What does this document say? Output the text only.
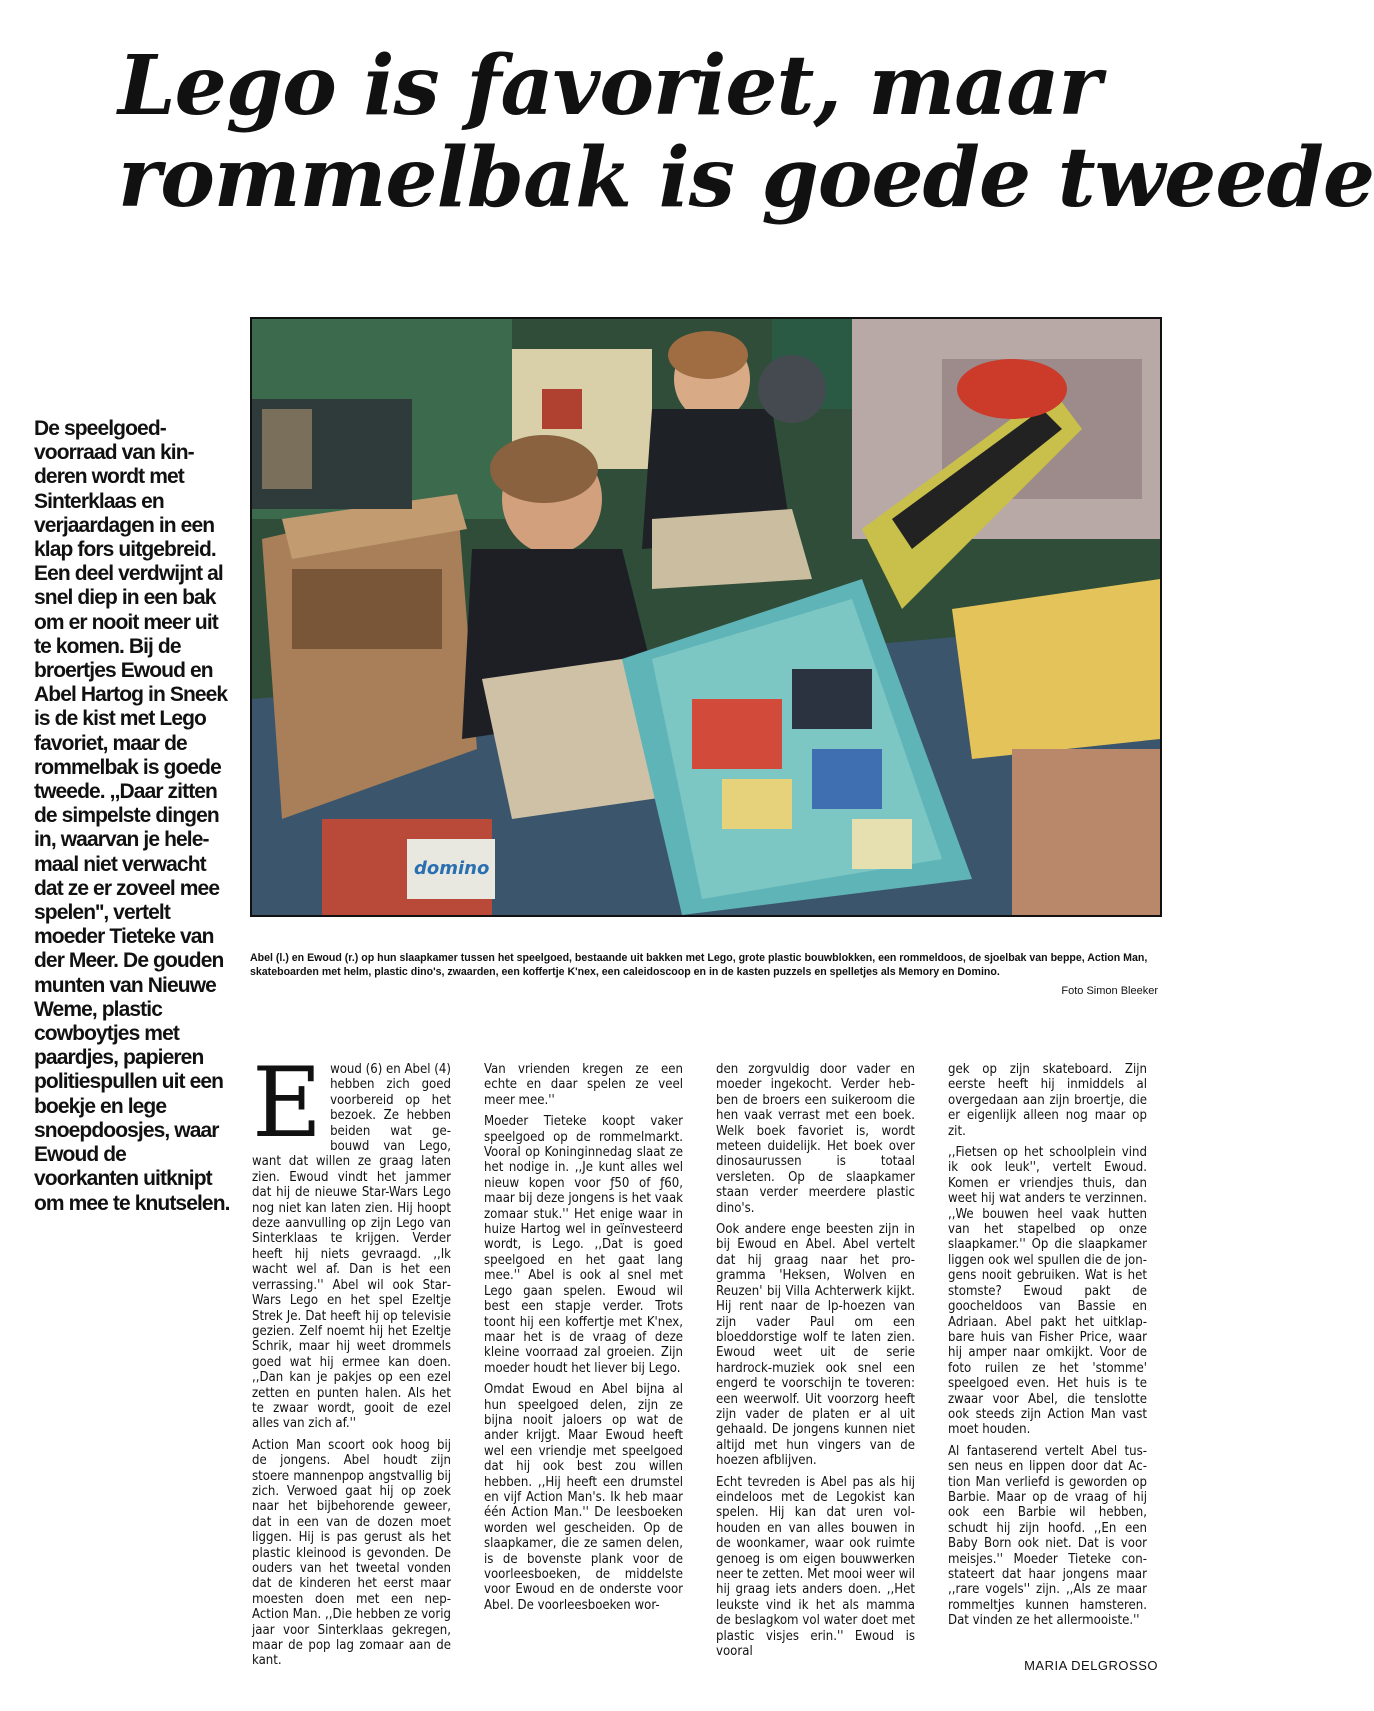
Lego is favoriet, maar
rommelbak is goede tweede

De speelgoedvoorraad van kinderen wordt met Sinterklaas en verjaardagen in een klap fors uitgebreid. Een deel verdwijnt al snel diep in een bak om er nooit meer uit te komen. Bij de broertjes Ewoud en Abel Hartog in Sneek is de kist met Lego favoriet, maar de rommelbak is goede tweede. ,,Daar zitten de simpelste dingen in, waarvan je helemaal niet verwacht dat ze er zoveel mee spelen'', vertelt moeder Tieteke van der Meer. De gouden munten van Nieuwe Weme, plastic cowboytjes met paardjes, papieren politiespullen uit een boekje en lege snoepdoosjes, waar Ewoud de voorkanten uitknipt om mee te knutselen.

domino

Abel (l.) en Ewoud (r.) op hun slaapkamer tussen het speelgoed, bestaande uit bakken met Lego, grote plastic bouwblokken, een rommeldoos, de sjoelbak van beppe, Action Man, skateboarden met helm, plastic dino's, zwaarden, een koffertje K'nex, een caleidoscoop en in de kasten puzzels en spelletjes als Memory en Domino.

Foto Simon Bleeker

Ewoud (6) en Abel (4) hebben zich goed voorbereid op het bezoek. Ze hebben beiden wat gebouwd van Lego, want dat willen ze graag laten zien. Ewoud vindt het jammer dat hij de nieuwe Star-Wars Lego nog niet kan laten zien. Hij hoopt deze aanvulling op zijn Lego van Sinterklaas te krijgen. Verder heeft hij niets gevraagd. ,,Ik wacht wel af. Dan is het een verrassing.'' Abel wil ook StarWars Lego en het spel Ezeltje Strek Je. Dat heeft hij op televisie gezien. Zelf noemt hij het Ezeltje Schrik, maar hij weet drommels goed wat hij ermee kan doen. ,,Dan kan je pakjes op een ezel zetten en punten halen. Als het te zwaar wordt, gooit de ezel alles van zich af.''

Action Man scoort ook hoog bij de jongens. Abel houdt zijn stoere mannenpop angstvallig bij zich. Verwoed gaat hij op zoek naar het bijbehorende geweer, dat in een van de dozen moet liggen. Hij is pas gerust als het plastic kleinood is gevonden. De ouders van het tweetal vonden dat de kinderen het eerst maar moesten doen met een nep-Action Man. ,,Die hebben ze vorig jaar voor Sinterklaas gekregen, maar de pop lag zomaar aan de kant.

Van vrienden kregen ze een echte en daar spelen ze veel meer mee.''

Moeder Tieteke koopt vaker speelgoed op de rommelmarkt. Vooral op Koninginnedag slaat ze het nodige in. ,,Je kunt alles wel nieuw kopen voor ƒ50 of ƒ60, maar bij deze jongens is het vaak zomaar stuk.'' Het enige waar in huize Hartog wel in geïnvesteerd wordt, is Lego. ,,Dat is goed speelgoed en het gaat lang mee.'' Abel is ook al snel met Lego gaan spelen. Ewoud wil best een stapje verder. Trots toont hij een koffertje met K'nex, maar het is de vraag of deze kleine voorraad zal groeien. Zijn moeder houdt het liever bij Lego.

Omdat Ewoud en Abel bijna al hun speelgoed delen, zijn ze bijna nooit jaloers op wat de ander krijgt. Maar Ewoud heeft wel een vriendje met speelgoed dat hij ook best zou willen hebben. ,,Hij heeft een drumstel en vijf Action Man's. Ik heb maar één Action Man.'' De leesboeken worden wel gescheiden. Op de slaapkamer, die ze samen delen, is de bovenste plank voor de voorleesboeken, de middelste voor Ewoud en de onderste voor Abel. De voorleesboeken wor-

den zorgvuldig door vader en moeder ingekocht. Verder hebben de broers een suikeroom die hen vaak verrast met een boek. Welk boek favoriet is, wordt meteen duidelijk. Het boek over dinosaurussen is totaal versleten. Op de slaapkamer staan verder meerdere plastic dino's.

Ook andere enge beesten zijn in bij Ewoud en Abel. Abel vertelt dat hij graag naar het programma 'Heksen, Wolven en Reuzen' bij Villa Achterwerk kijkt. Hij rent naar de lp-hoezen van zijn vader Paul om een bloeddorstige wolf te laten zien. Ewoud weet uit de serie hardrock-muziek ook snel een engerd te voorschijn te toveren: een weerwolf. Uit voorzorg heeft zijn vader de platen er al uit gehaald. De jongens kunnen niet altijd met hun vingers van de hoezen afblijven.

Echt tevreden is Abel pas als hij eindeloos met de Legokist kan spelen. Hij kan dat uren volhouden en van alles bouwen in de woonkamer, waar ook ruimte genoeg is om eigen bouwwerken neer te zetten. Met mooi weer wil hij graag iets anders doen. ,,Het leukste vind ik het als mamma de beslagkom vol water doet met plastic visjes erin.'' Ewoud is vooral

gek op zijn skateboard. Zijn eerste heeft hij inmiddels al overgedaan aan zijn broertje, die er eigenlijk alleen nog maar op zit.

,,Fietsen op het schoolplein vind ik ook leuk'', vertelt Ewoud. Komen er vriendjes thuis, dan weet hij wat anders te verzinnen. ,,We bouwen heel vaak hutten van het stapelbed op onze slaapkamer.'' Op die slaapkamer liggen ook wel spullen die de jongens nooit gebruiken. Wat is het stomste? Ewoud pakt de goocheldoos van Bassie en Adriaan. Abel pakt het uitklapbare huis van Fisher Price, waar hij amper naar omkijkt. Voor de foto ruilen ze het 'stomme' speelgoed even. Het huis is te zwaar voor Abel, die tenslotte ook steeds zijn Action Man vast moet houden.

Al fantaserend vertelt Abel tussen neus en lippen door dat Action Man verliefd is geworden op Barbie. Maar op de vraag of hij ook een Barbie wil hebben, schudt hij zijn hoofd. ,,En een Baby Born ook niet. Dat is voor meisjes.'' Moeder Tieteke constateert dat haar jongens maar ,,rare vogels'' zijn. ,,Als ze maar rommeltjes kunnen hamsteren. Dat vinden ze het allermooiste.''

MARIA DELGROSSO
